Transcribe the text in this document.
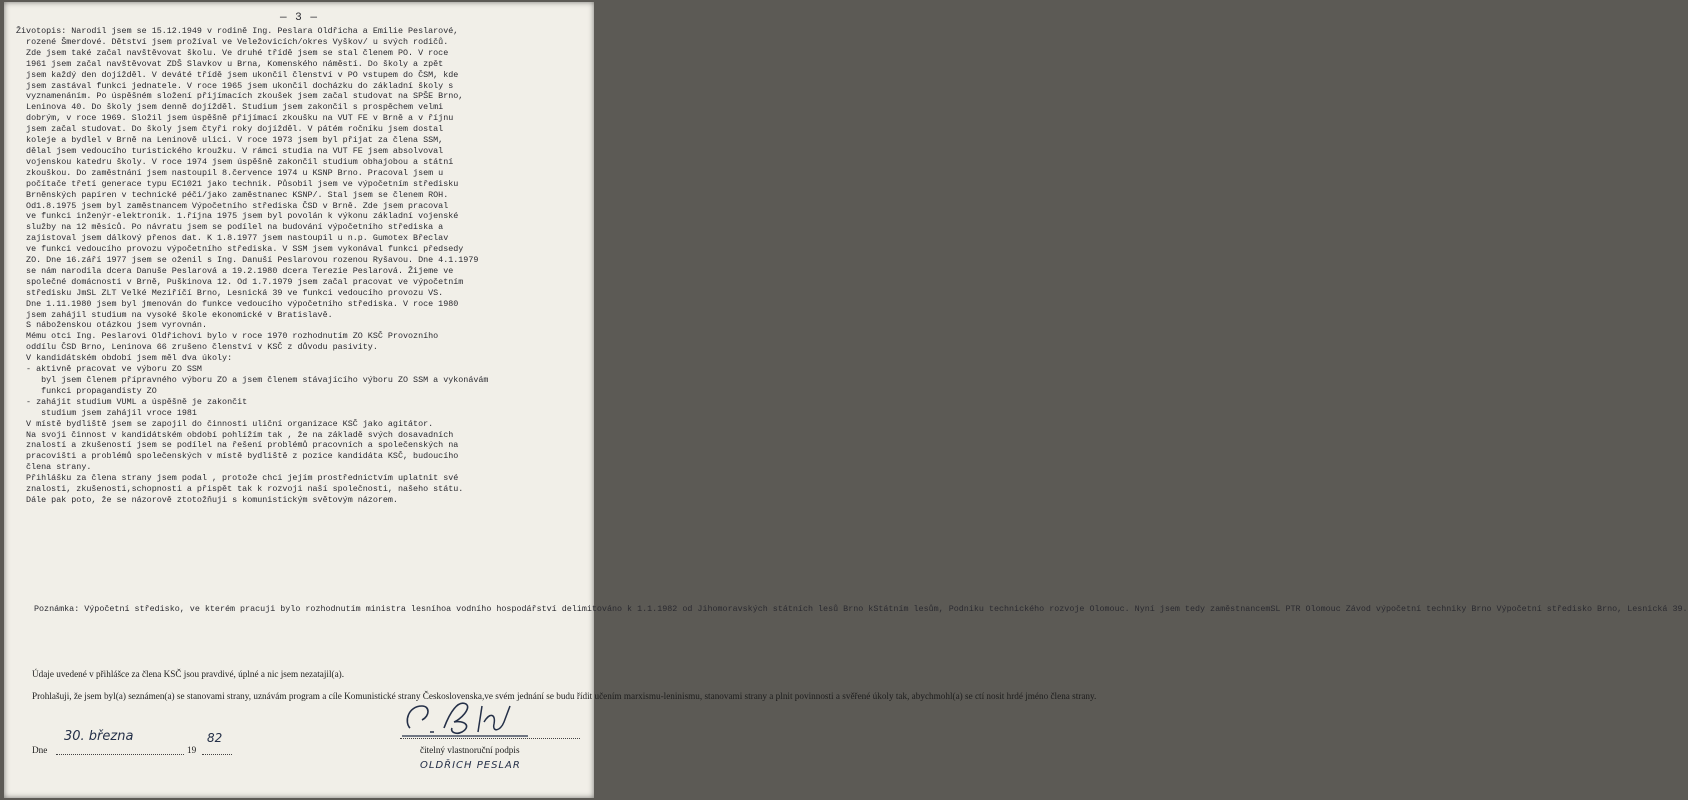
— 3 —
Životopis: Narodil jsem se 15.12.1949 v rodině Ing. Peslara Oldřicha a Emilie Peslarové,
rozené Šmerdové. Dětství jsem prožíval ve Veležovicích/okres Vyškov/ u svých rodičů.
Zde jsem také začal navštěvovat školu. Ve druhé třídě jsem se stal členem PO. V roce
1961 jsem začal navštěvovat ZDŠ Slavkov u Brna, Komenského náměstí. Do školy a zpět
jsem každý den dojížděl. V deváté třídě jsem ukončil členství v PO vstupem do ČSM, kde
jsem zastával funkci jednatele. V roce 1965 jsem ukončil docházku do základní školy s
vyznamenáním. Po úspěšném složení přijímacích zkoušek jsem začal studovat na SPŠE Brno,
Leninova 40. Do školy jsem denně dojížděl. Studium jsem zakončil s prospěchem velmi
dobrým, v roce 1969. Složil jsem úspěšně přijímací zkoušku na VUT FE v Brně a v říjnu
jsem začal studovat. Do školy jsem čtyři roky dojížděl. V pátém ročníku jsem dostal
koleje a bydlel v Brně na Leninově ulici. V roce 1973 jsem byl přijat za člena SSM,
dělal jsem vedoucího turistického kroužku. V rámci studia na VUT FE jsem absolvoval
vojenskou katedru školy. V roce 1974 jsem úspěšně zakončil studium obhajobou a státní
zkouškou. Do zaměstnání jsem nastoupil 8.července 1974 u KSNP Brno. Pracoval jsem u
počítače třetí generace typu EC1021 jako technik. Působil jsem ve výpočetním středisku
Brněnských papíren v technické péči/jako zaměstnanec KSNP/. Stal jsem se členem ROH.
Od1.8.1975 jsem byl zaměstnancem Výpočetního střediska ČSD v Brně. Zde jsem pracoval
ve funkci inženýr-elektronik. 1.října 1975 jsem byl povolán k výkonu základní vojenské
služby na 12 měsíců. Po návratu jsem se podílel na budování výpočetního střediska a
zajistoval jsem dálkový přenos dat. K 1.8.1977 jsem nastoupil u n.p. Gumotex Břeclav
ve funkci vedoucího provozu výpočetního střediska. V SSM jsem vykonával funkci předsedy
ZO. Dne 16.září 1977 jsem se oženil s Ing. Danuší Peslarovou rozenou Ryšavou. Dne 4.1.1979
se nám narodila dcera Danuše Peslarová a 19.2.1980 dcera Terezie Peslarová. Žijeme ve
společné domácnosti v Brně, Puškinova 12. Od 1.7.1979 jsem začal pracovat ve výpočetním
středisku JmSL ZLT Velké Meziříčí Brno, Lesnická 39 ve funkci vedoucího provozu VS.
Dne 1.11.1980 jsem byl jmenován do funkce vedoucího výpočetního střediska. V roce 1980
jsem zahájil studium na vysoké škole ekonomické v Bratislavě.
S náboženskou otázkou jsem vyrovnán.
Mému otci Ing. Peslarovi Oldřichovi bylo v roce 1970 rozhodnutím ZO KSČ Provozního
oddílu ČSD Brno, Leninova 66 zrušeno členství v KSČ z důvodu pasivity.
V kandidátském období jsem měl dva úkoly:
- aktivně pracovat ve výboru ZO SSM
byl jsem členem přípravného výboru ZO a jsem členem stávajícího výboru ZO SSM a vykonávám
funkci propagandisty ZO
- zahájit studium VUML a úspěšně je zakončit
studium jsem zahájil vroce 1981
V místě bydliště jsem se zapojil do činnosti uliční organizace KSČ jako agitátor.
Na svoji činnost v kandidátském období pohlížím tak , že na základě svých dosavadních
znalostí a zkušeností jsem se podílel na řešení problémů pracovních a společenských na
pracovišti a problémů společenských v místě bydliště z pozice kandidáta KSČ, budoucího
člena strany.
Přihlášku za člena strany jsem podal , protože chci jejím prostřednictvím uplatnit své
znalosti, zkušenosti,schopnosti a přispět tak k rozvoji naší společnosti, našeho státu.
Dále pak poto, že se názorově ztotožňuji s komunistickým světovým názorem.
Poznámka: Výpočetní středisko, ve kterém pracuji bylo rozhodnutím ministra lesníhoa vodního hospodářství delimitováno k 1.1.1982 od Jihomoravských státních lesů Brno kStátním lesům, Podniku technického rozvoje Olomouc. Nyní jsem tedy zaměstnancemSL PTR Olomouc Závod výpočetní techniky Brno Výpočetní středisko Brno, Lesnická 39.
Údaje uvedené v přihlášce za člena KSČ jsou pravdivé, úplné a nic jsem nezatajil(a).
Prohlašuji, že jsem byl(a) seznámen(a) se stanovami strany, uznávám program a cíle Komunistické strany Československa,ve svém jednání se budu řídit učením marxismu-leninismu, stanovami strany a plnit povinnosti a svěřené úkoly tak, abychmohl(a) se ctí nosit hrdé jméno člena strany.
Dne
30. března
19
82
čitelný vlastnoruční podpis
OLDŘICH PESLAR
